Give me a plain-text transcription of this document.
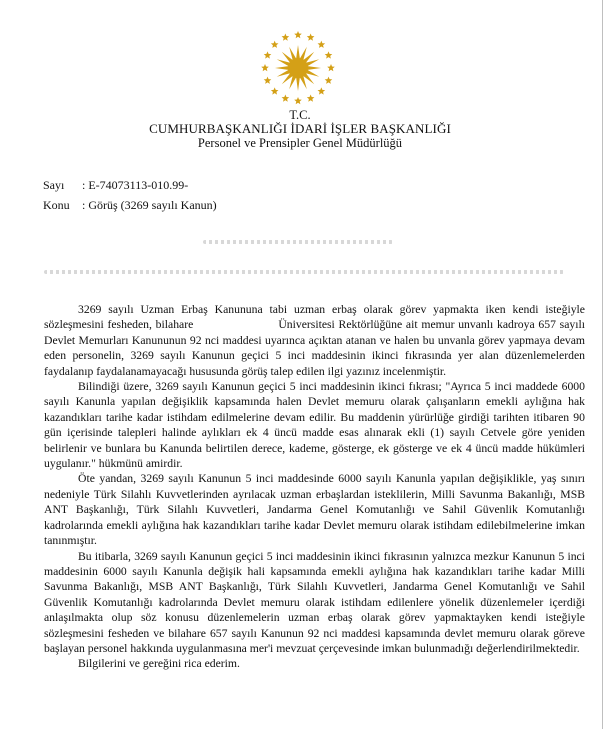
T.C.
CUMHURBAŞKANLIĞI İDARİ İŞLER BAŞKANLIĞI
Personel ve Prensipler Genel Müdürlüğü
Sayı : E-74073113-010.99-
Konu : Görüş (3269 sayılı Kanun)

3269 sayılı Uzman Erbaş Kanununa tabi uzman erbaş olarak görev yapmakta iken kendi isteğiyle sözleşmesini fesheden, bilahare	Üniversitesi Rektörlüğüne ait memur unvanlı kadroya 657 sayılı Devlet Memurları Kanununun 92 nci maddesi uyarınca açıktan atanan ve halen bu unvanla görev yapmaya devam eden personelin, 3269 sayılı Kanunun geçici 5 inci maddesinin ikinci fıkrasında yer alan düzenlemelerden faydalanıp faydalanamayacağı hususunda görüş talep edilen ilgi yazınız incelenmiştir.

Bilindiği üzere, 3269 sayılı Kanunun geçici 5 inci maddesinin ikinci fıkrası; "Ayrıca 5 inci maddede 6000 sayılı Kanunla yapılan değişiklik kapsamında halen Devlet memuru olarak çalışanların emekli aylığına hak kazandıkları tarihe kadar istihdam edilmelerine devam edilir. Bu maddenin yürürlüğe girdiği tarihten itibaren 90 gün içerisinde talepleri halinde aylıkları ek 4 üncü madde esas alınarak ekli (1) sayılı Cetvele göre yeniden belirlenir ve bunlara bu Kanunda belirtilen derece, kademe, gösterge, ek gösterge ve ek 4 üncü madde hükümleri uygulanır." hükmünü amirdir.

Öte yandan, 3269 sayılı Kanunun 5 inci maddesinde 6000 sayılı Kanunla yapılan değişiklikle, yaş sınırı nedeniyle Türk Silahlı Kuvvetlerinden ayrılacak uzman erbaşlardan isteklilerin, Milli Savunma Bakanlığı, MSB ANT Başkanlığı, Türk Silahlı Kuvvetleri, Jandarma Genel Komutanlığı ve Sahil Güvenlik Komutanlığı kadrolarında emekli aylığına hak kazandıkları tarihe kadar Devlet memuru olarak istihdam edilebilmelerine imkan tanınmıştır.

Bu itibarla, 3269 sayılı Kanunun geçici 5 inci maddesinin ikinci fıkrasının yalnızca mezkur Kanunun 5 inci maddesinin 6000 sayılı Kanunla değişik hali kapsamında emekli aylığına hak kazandıkları tarihe kadar Milli Savunma Bakanlığı, MSB ANT Başkanlığı, Türk Silahlı Kuvvetleri, Jandarma Genel Komutanlığı ve Sahil Güvenlik Komutanlığı kadrolarında Devlet memuru olarak istihdam edilenlere yönelik düzenlemeler içerdiği anlaşılmakta olup söz konusu düzenlemelerin uzman erbaş olarak görev yapmaktayken kendi isteğiyle sözleşmesini fesheden ve bilahare 657 sayılı Kanunun 92 nci maddesi kapsamında devlet memuru olarak göreve başlayan personel hakkında uygulanmasına mer'i mevzuat çerçevesinde imkan bulunmadığı değerlendirilmektedir.

Bilgilerini ve gereğini rica ederim.
